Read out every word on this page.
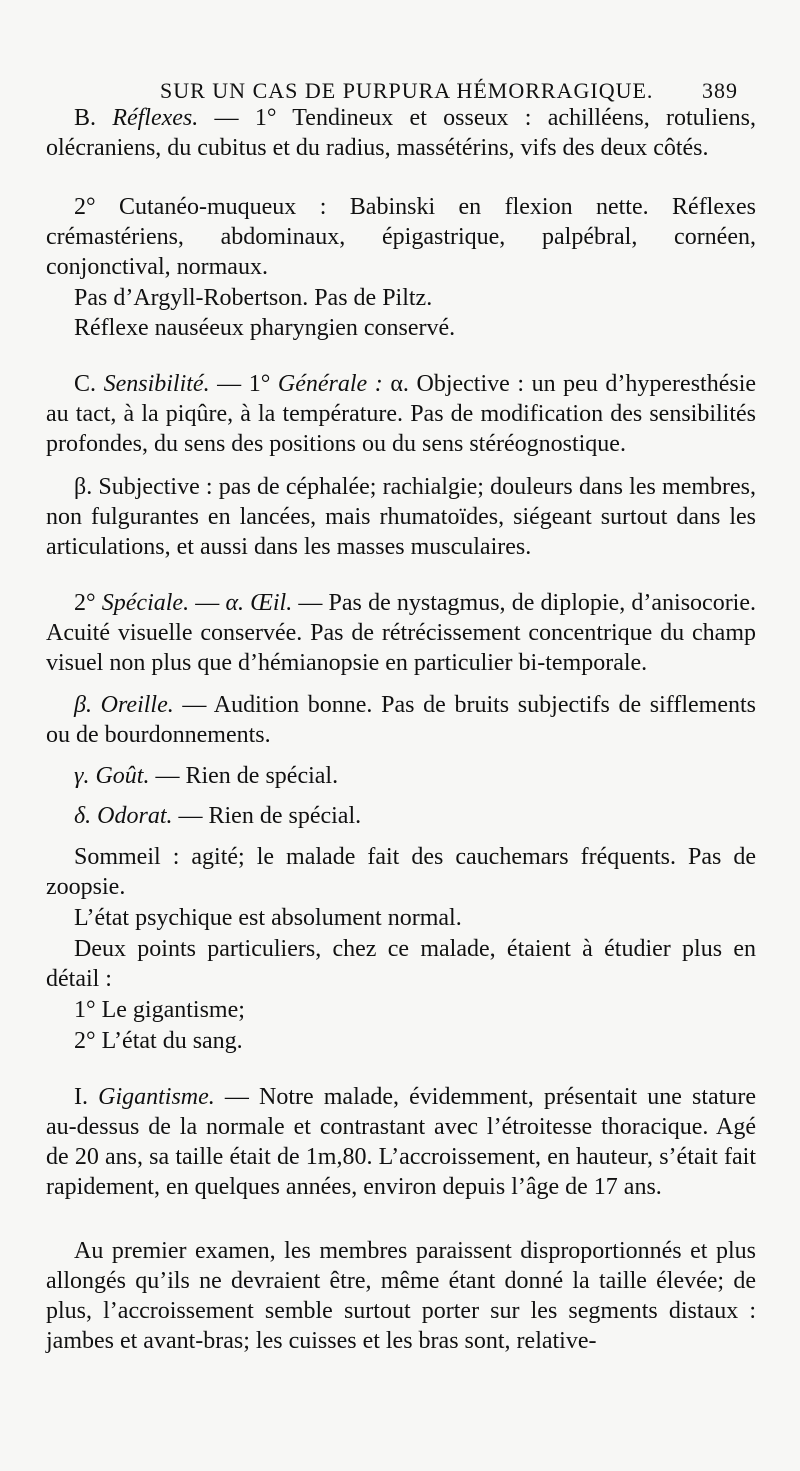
SUR UN CAS DE PURPURA HÉMORRAGIQUE. 389

B. Réflexes. — 1° Tendineux et osseux : achilléens, rotuliens, olécraniens, du cubitus et du radius, massétérins, vifs des deux côtés.

2° Cutanéo-muqueux : Babinski en flexion nette. Réflexes crémastériens, abdominaux, épigastrique, palpébral, cornéen, conjonctival, normaux.

Pas d’Argyll-Robertson. Pas de Piltz.

Réflexe nauséeux pharyngien conservé.

C. Sensibilité. — 1° Générale : α. Objective : un peu d’hyperesthésie au tact, à la piqûre, à la température. Pas de modification des sensibilités profondes, du sens des positions ou du sens stéréognostique.

β. Subjective : pas de céphalée; rachialgie; douleurs dans les membres, non fulgurantes en lancées, mais rhumatoïdes, siégeant surtout dans les articulations, et aussi dans les masses musculaires.

2° Spéciale. — α. Œil. — Pas de nystagmus, de diplopie, d’anisocorie. Acuité visuelle conservée. Pas de rétrécissement concentrique du champ visuel non plus que d’hémianopsie en particulier bi-temporale.

β. Oreille. — Audition bonne. Pas de bruits subjectifs de sifflements ou de bourdonnements.

γ. Goût. — Rien de spécial.

δ. Odorat. — Rien de spécial.

Sommeil : agité; le malade fait des cauchemars fréquents. Pas de zoopsie.

L’état psychique est absolument normal.

Deux points particuliers, chez ce malade, étaient à étudier plus en détail :

1° Le gigantisme;

2° L’état du sang.

I. Gigantisme. — Notre malade, évidemment, présentait une stature au-dessus de la normale et contrastant avec l’étroitesse thoracique. Agé de 20 ans, sa taille était de 1m,80. L’accroissement, en hauteur, s’était fait rapidement, en quelques années, environ depuis l’âge de 17 ans.

Au premier examen, les membres paraissent disproportionnés et plus allongés qu’ils ne devraient être, même étant donné la taille élevée; de plus, l’accroissement semble surtout porter sur les segments distaux : jambes et avant-bras; les cuisses et les bras sont, relative-
